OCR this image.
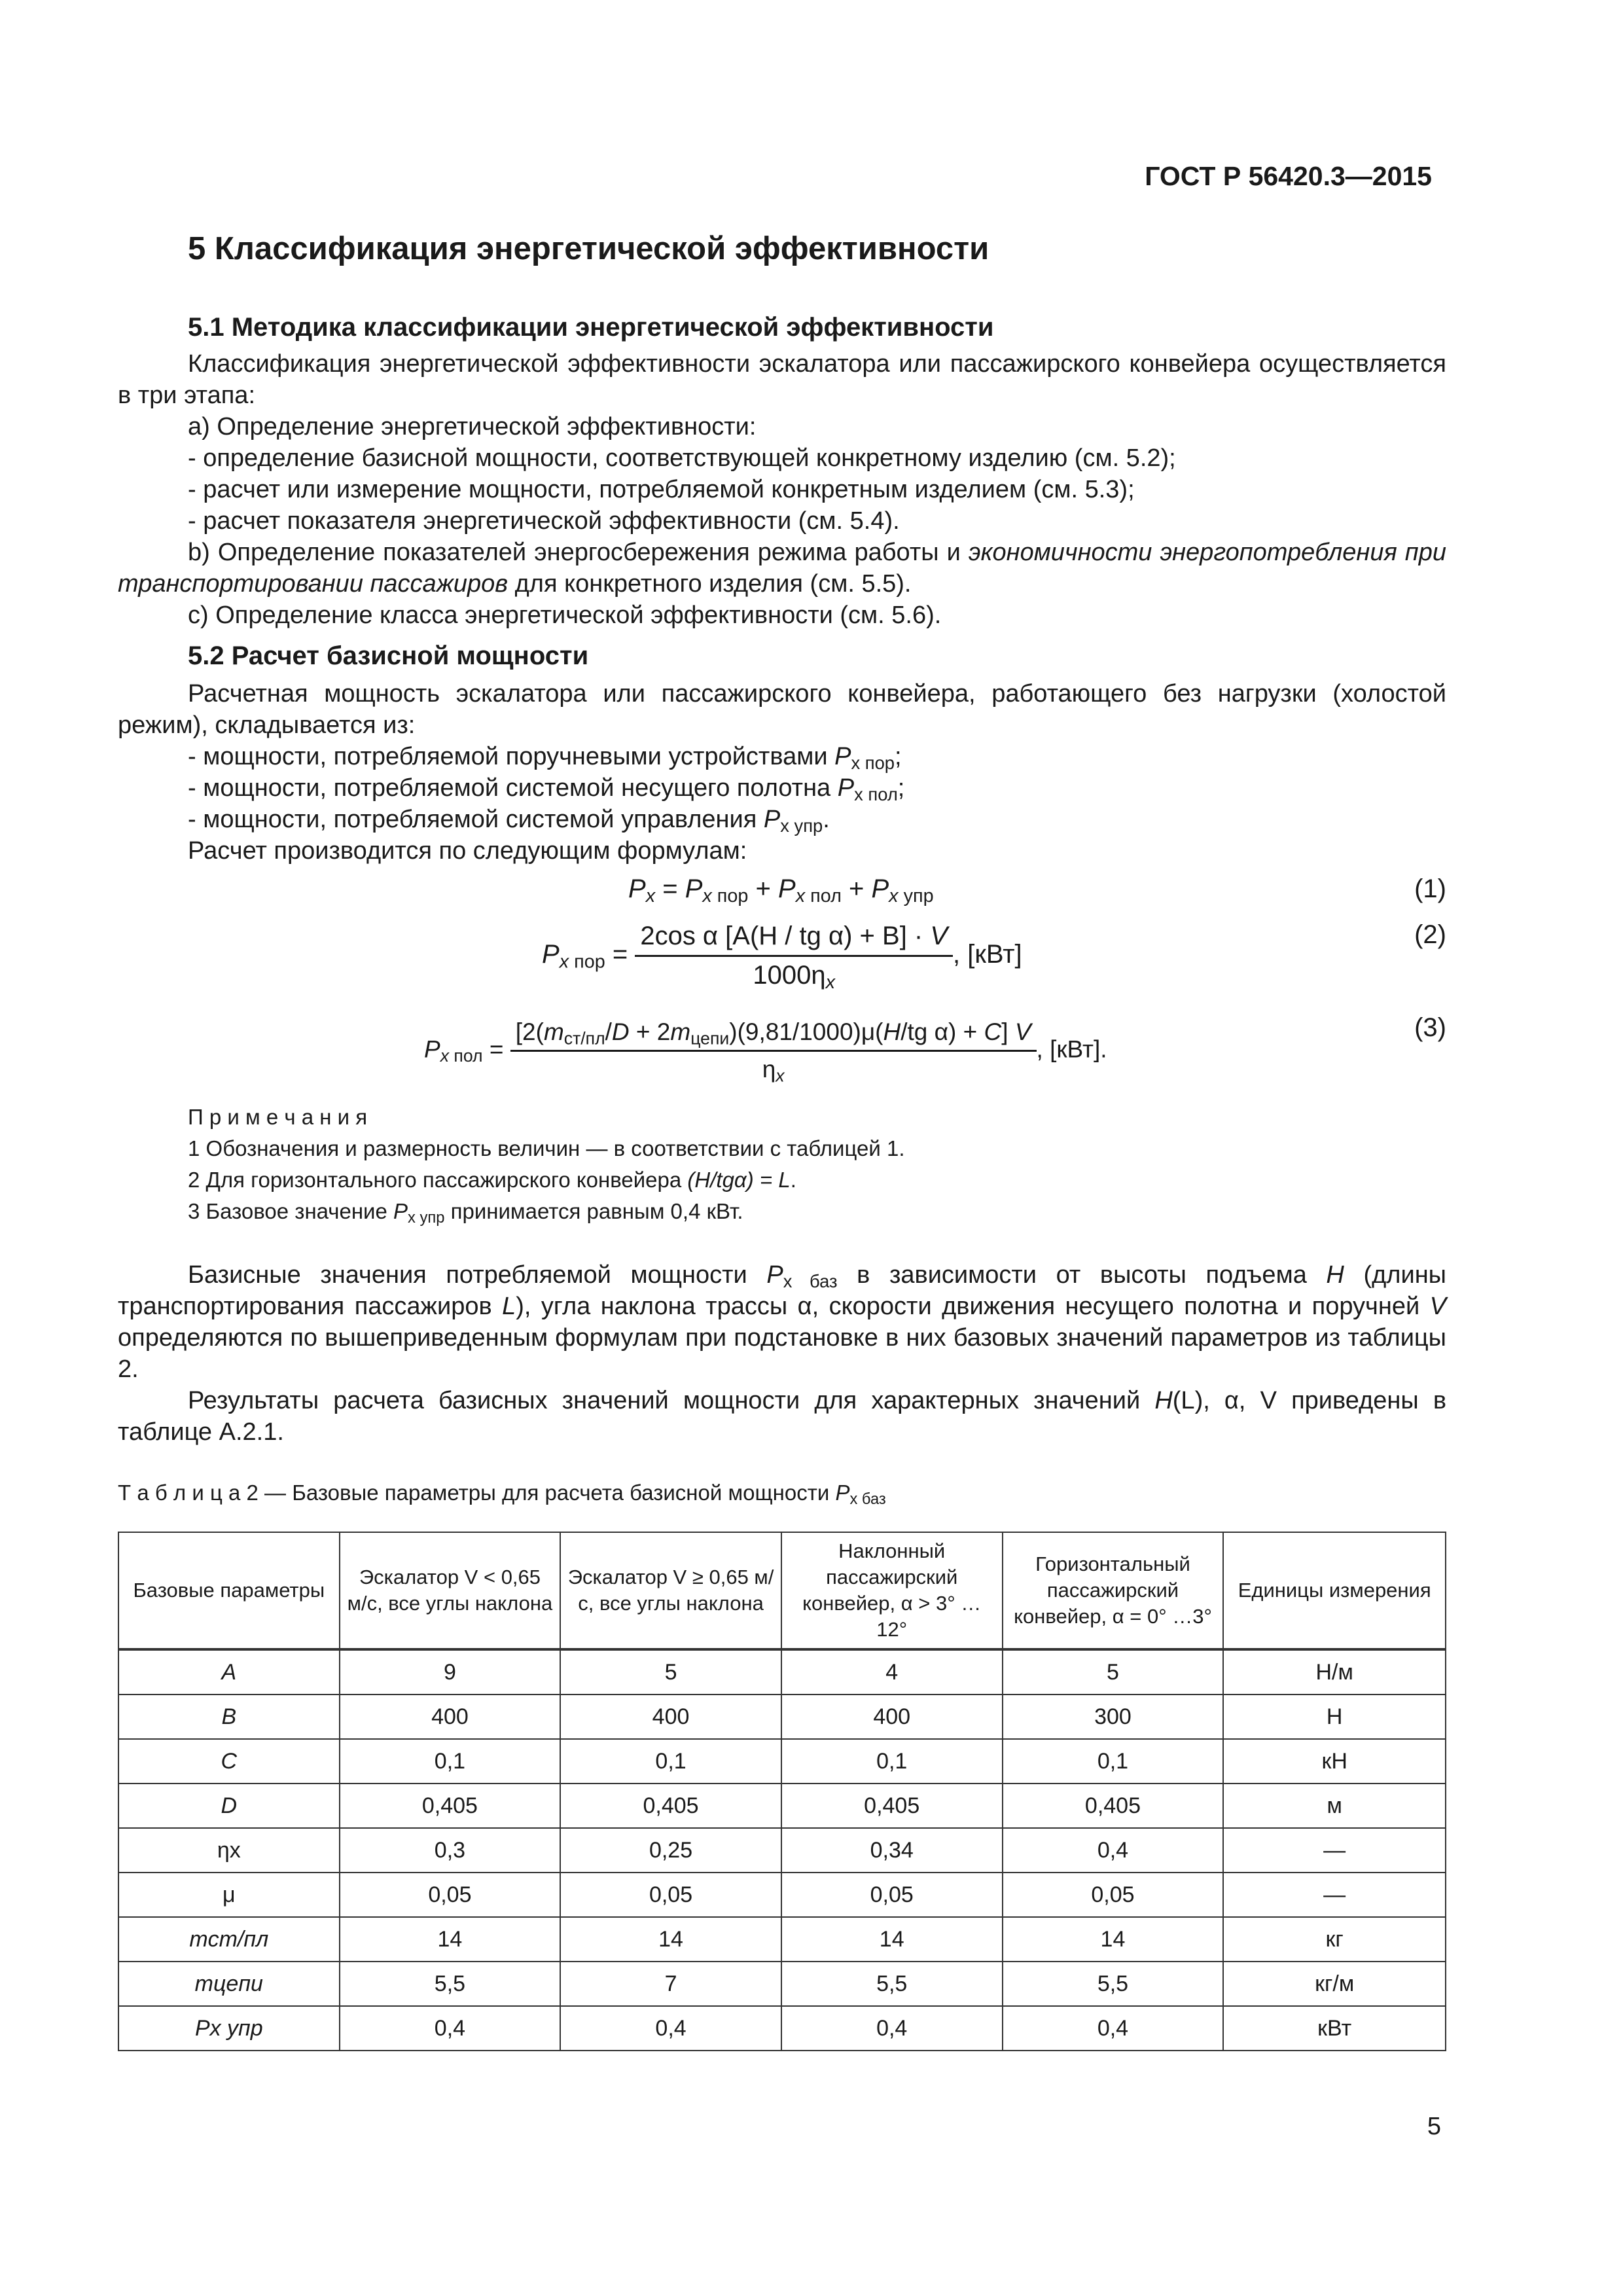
ГОСТ Р 56420.3—2015
5 Классификация энергетической эффективности
5.1 Методика классификации энергетической эффективности
Классификация энергетической эффективности эскалатора или пассажирского конвейера осуществляется в три этапа:
а) Определение энергетической эффективности:
- определение базисной мощности, соответствующей конкретному изделию (см. 5.2);
- расчет или измерение мощности, потребляемой конкретным изделием (см. 5.3);
- расчет показателя энергетической эффективности (см. 5.4).
b) Определение показателей энергосбережения режима работы и экономичности энергопотребления при транспортировании пассажиров для конкретного изделия (см. 5.5).
c) Определение класса энергетической эффективности (см. 5.6).
5.2 Расчет базисной мощности
Расчетная мощность эскалатора или пассажирского конвейера, работающего без нагрузки (холостой режим), складывается из:
- мощности, потребляемой поручневыми устройствами $P_{x пор}$;
- мощности, потребляемой системой несущего полотна $P_{x пол}$;
- мощности, потребляемой системой управления $P_{x упр}$.
Расчет производится по следующим формулам:
$P_x = P_{x пор} + P_{x пол} + P_{x упр}$	(1)
$P_{x пор} = \frac{\text{2cos α [A(H / tg α) + B] · V}}{1000\eta_x}$ , [кВт]
(2)
$P_{x пол} = \frac{[2(m_{ст/пл}/D + 2m_{цепи})(9,81/1000)\mu(H/tg \alpha) + C] V}{\eta_x}$ , [кВт].
(3)
П р и м е ч а н и я
1 Обозначения и размерность величин — в соответствии с таблицей 1.
2 Для горизонтального пассажирского конвейера (H/tgα) = L.
3 Базовое значение $P_{x упр}$ принимается равным 0,4 кВт.
Базисные значения потребляемой мощности $P_{x баз}$ в зависимости от высоты подъема H (длины транспортирования пассажиров L), угла наклона трассы α, скорости движения несущего полотна и поручней V определяются по вышеприведенным формулам при подстановке в них базовых значений параметров из таблицы 2.
Результаты расчета базисных значений мощности для характерных значений H(L), α, V приведены в таблице А.2.1.
Т а б л и ц а 2 — Базовые параметры для расчета базисной мощности $P_{x баз}$
Базовые параметры	Эскалатор V < 0,65 м/с, все углы наклона	Эскалатор V ≥ 0,65 м/с, все углы наклона	Наклонный пассажирский конвейер, α > 3° …12°	Горизонтальный пассажирский конвейер, α = 0° …3°	Единицы измерения
A	9	5	4	5	Н/м
B	400	400	400	300	Н
C	0,1	0,1	0,1	0,1	кН
D	0,405	0,405	0,405	0,405	м
ηx	0,3	0,25	0,34	0,4	—
μ	0,05	0,05	0,05	0,05	—
mст/пл	14	14	14	14	кг
mцепи	5,5	7	5,5	5,5	кг/м
Px упр	0,4	0,4	0,4	0,4	кВт
5
